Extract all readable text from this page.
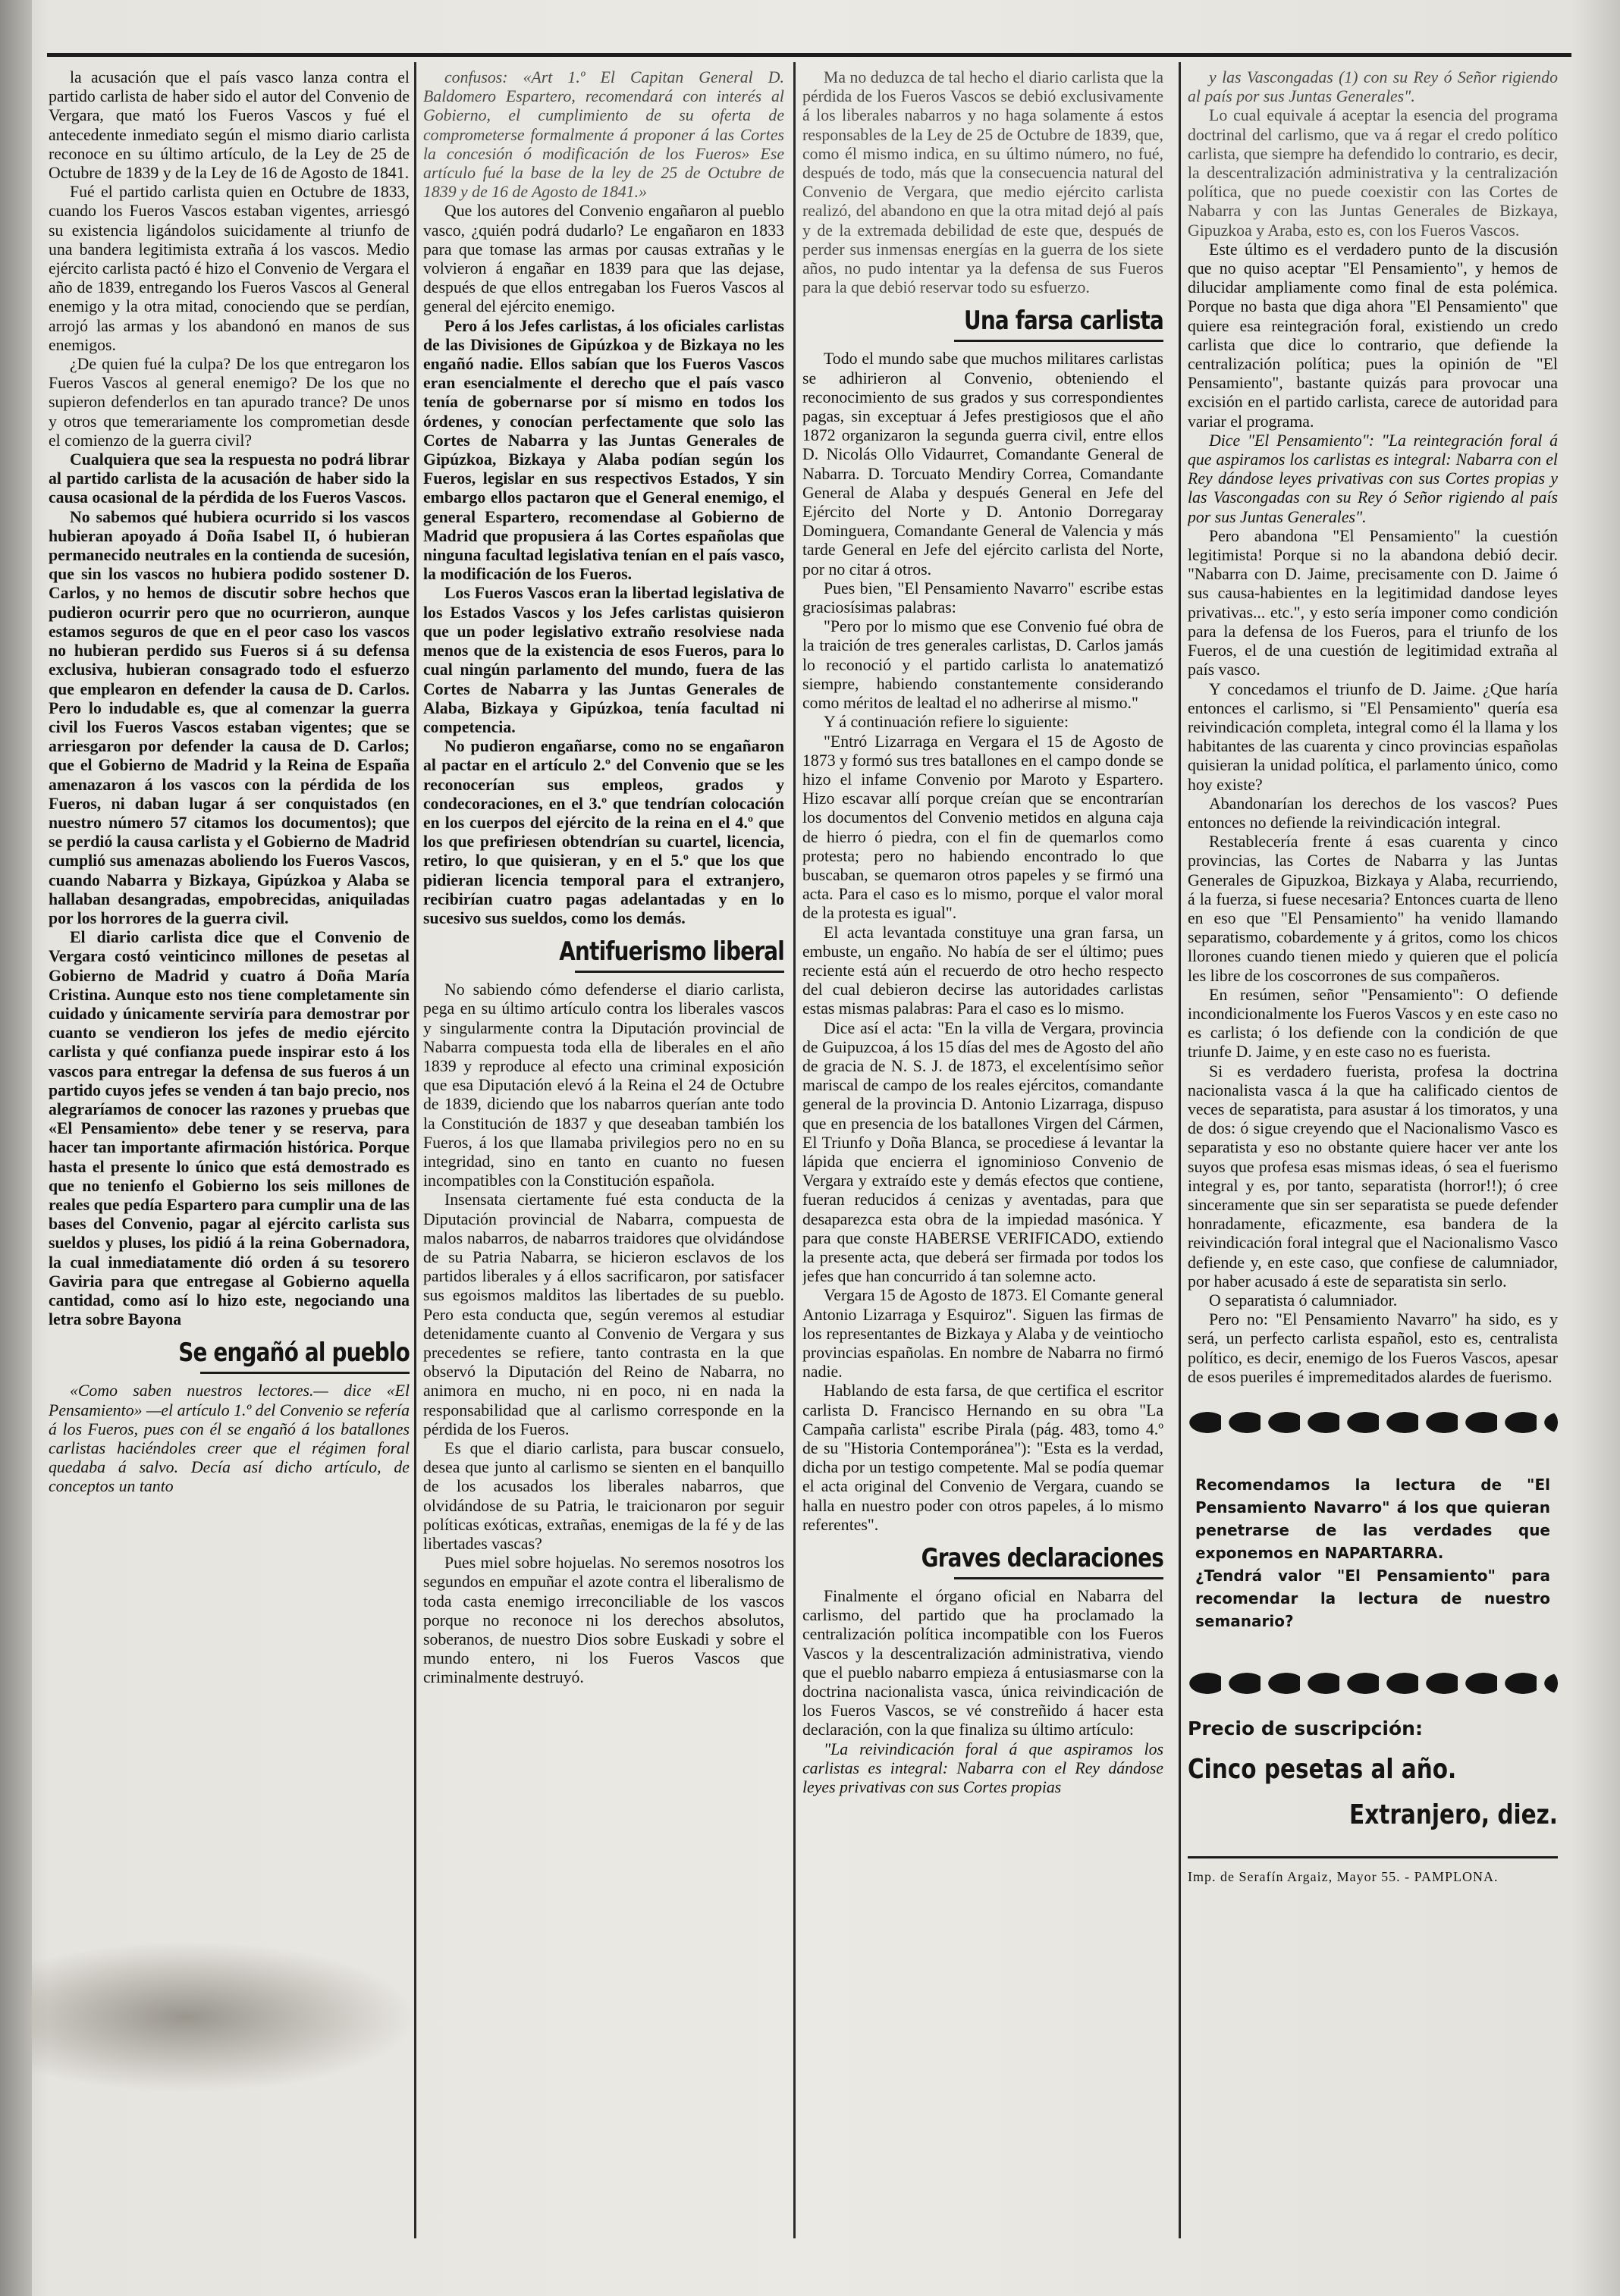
la acusación que el país vasco lanza contra el partido carlista de haber sido el autor del Convenio de Vergara, que mató los Fueros Vascos y fué el antecedente inmediato según el mismo diario carlista reconoce en su último artículo, de la Ley de 25 de Octubre de 1839 y de la Ley de 16 de Agosto de 1841.

Fué el partido carlista quien en Octubre de 1833, cuando los Fueros Vascos estaban vigentes, arriesgó su existencia ligándolos suicidamente al triunfo de una bandera legitimista extraña á los vascos. Medio ejército carlista pactó é hizo el Convenio de Vergara el año de 1839, entregando los Fueros Vascos al General enemigo y la otra mitad, conociendo que se perdían, arrojó las armas y los abandonó en manos de sus enemigos.

¿De quien fué la culpa? De los que entregaron los Fueros Vascos al general enemigo? De los que no supieron defenderlos en tan apurado trance? De unos y otros que temerariamente los comprometian desde el comienzo de la guerra civil?

Cualquiera que sea la respuesta no podrá librar al partido carlista de la acusación de haber sido la causa ocasional de la pérdida de los Fueros Vascos.

No sabemos qué hubiera ocurrido si los vascos hubieran apoyado á Doña Isabel II, ó hubieran permanecido neutrales en la contienda de sucesión, que sin los vascos no hubiera podido sostener D. Carlos, y no hemos de discutir sobre hechos que pudieron ocurrir pero que no ocurrieron, aunque estamos seguros de que en el peor caso los vascos no hubieran perdido sus Fueros si á su defensa exclusiva, hubieran consagrado todo el esfuerzo que emplearon en defender la causa de D. Carlos. Pero lo indudable es, que al comenzar la guerra civil los Fueros Vascos estaban vigentes; que se arriesgaron por defender la causa de D. Carlos; que el Gobierno de Madrid y la Reina de España amenazaron á los vascos con la pérdida de los Fueros, ni daban lugar á ser conquistados (en nuestro número 57 citamos los documentos); que se perdió la causa carlista y el Gobierno de Madrid cumplió sus amenazas aboliendo los Fueros Vascos, cuando Nabarra y Bizkaya, Gipúzkoa y Alaba se hallaban desangradas, empobrecidas, aniquiladas por los horrores de la guerra civil.

El diario carlista dice que el Convenio de Vergara costó veinticinco millones de pesetas al Gobierno de Madrid y cuatro á Doña María Cristina. Aunque esto nos tiene completamente sin cuidado y únicamente serviría para demostrar por cuanto se vendieron los jefes de medio ejército carlista y qué confianza puede inspirar esto á los vascos para entregar la defensa de sus fueros á un partido cuyos jefes se venden á tan bajo precio, nos alegraríamos de conocer las razones y pruebas que «El Pensamiento» debe tener y se reserva, para hacer tan importante afirmación histórica. Porque hasta el presente lo único que está demostrado es que no tenienfo el Gobierno los seis millones de reales que pedía Espartero para cumplir una de las bases del Convenio, pagar al ejército carlista sus sueldos y pluses, los pidió á la reina Gobernadora, la cual inmediatamente dió orden á su tesorero Gaviria para que entregase al Gobierno aquella cantidad, como así lo hizo este, negociando una letra sobre Bayona

Se engañó al pueblo

«Como saben nuestros lectores.— dice «El Pensamiento» —el artículo 1.º del Convenio se refería á los Fueros, pues con él se engañó á los batallones carlistas haciéndoles creer que el régimen foral quedaba á salvo. Decía así dicho artículo, de conceptos un tanto

confusos: «Art 1.º El Capitan General D. Baldomero Espartero, recomendará con interés al Gobierno, el cumplimiento de su oferta de comprometerse formalmente á proponer á las Cortes la concesión ó modificación de los Fueros» Ese artículo fué la base de la ley de 25 de Octubre de 1839 y de 16 de Agosto de 1841.»

Que los autores del Convenio engañaron al pueblo vasco, ¿quién podrá dudarlo? Le engañaron en 1833 para que tomase las armas por causas extrañas y le volvieron á engañar en 1839 para que las dejase, después de que ellos entregaban los Fueros Vascos al general del ejército enemigo.

Pero á los Jefes carlistas, á los oficiales carlistas de las Divisiones de Gipúzkoa y de Bizkaya no les engañó nadie. Ellos sabían que los Fueros Vascos eran esencialmente el derecho que el país vasco tenía de gobernarse por sí mismo en todos los órdenes, y conocían perfectamente que solo las Cortes de Nabarra y las Juntas Generales de Gipúzkoa, Bizkaya y Alaba podían según los Fueros, legislar en sus respectivos Estados, Y sin embargo ellos pactaron que el General enemigo, el general Espartero, recomendase al Gobierno de Madrid que propusiera á las Cortes españolas que ninguna facultad legislativa tenían en el país vasco, la modificación de los Fueros.

Los Fueros Vascos eran la libertad legislativa de los Estados Vascos y los Jefes carlistas quisieron que un poder legislativo extraño resolviese nada menos que de la existencia de esos Fueros, para lo cual ningún parlamento del mundo, fuera de las Cortes de Nabarra y las Juntas Generales de Alaba, Bizkaya y Gipúzkoa, tenía facultad ni competencia.

No pudieron engañarse, como no se engañaron al pactar en el artículo 2.º del Convenio que se les reconocerían sus empleos, grados y condecoraciones, en el 3.º que tendrían colocación en los cuerpos del ejército de la reina en el 4.º que los que prefiriesen obtendrían su cuartel, licencia, retiro, lo que quisieran, y en el 5.º que los que pidieran licencia temporal para el extranjero, recibirían cuatro pagas adelantadas y en lo sucesivo sus sueldos, como los demás.

Antifuerismo liberal

No sabiendo cómo defenderse el diario carlista, pega en su último artículo contra los liberales vascos y singularmente contra la Diputación provincial de Nabarra compuesta toda ella de liberales en el año 1839 y reproduce al efecto una criminal exposición que esa Diputación elevó á la Reina el 24 de Octubre de 1839, diciendo que los nabarros querían ante todo la Constitución de 1837 y que deseaban también los Fueros, á los que llamaba privilegios pero no en su integridad, sino en tanto en cuanto no fuesen incompatibles con la Constitución española.

Insensata ciertamente fué esta conducta de la Diputación provincial de Nabarra, compuesta de malos nabarros, de nabarros traidores que olvidándose de su Patria Nabarra, se hicieron esclavos de los partidos liberales y á ellos sacrificaron, por satisfacer sus egoismos malditos las libertades de su pueblo. Pero esta conducta que, según veremos al estudiar detenidamente cuanto al Convenio de Vergara y sus precedentes se refiere, tanto contrasta en la que observó la Diputación del Reino de Nabarra, no animora en mucho, ni en poco, ni en nada la responsabilidad que al carlismo corresponde en la pérdida de los Fueros.

Es que el diario carlista, para buscar consuelo, desea que junto al carlismo se sienten en el banquillo de los acusados los liberales nabarros, que olvidándose de su Patria, le traicionaron por seguir políticas exóticas, extrañas, enemigas de la fé y de las libertades vascas?

Pues miel sobre hojuelas. No seremos nosotros los segundos en empuñar el azote contra el liberalismo de toda casta enemigo irreconciliable de los vascos porque no reconoce ni los derechos absolutos, soberanos, de nuestro Dios sobre Euskadi y sobre el mundo entero, ni los Fueros Vascos que criminalmente destruyó.

Ma no deduzca de tal hecho el diario carlista que la pérdida de los Fueros Vascos se debió exclusivamente á los liberales nabarros y no haga solamente á estos responsables de la Ley de 25 de Octubre de 1839, que, como él mismo indica, en su último número, no fué, después de todo, más que la consecuencia natural del Convenio de Vergara, que medio ejército carlista realizó, del abandono en que la otra mitad dejó al país y de la extremada debilidad de este que, después de perder sus inmensas energías en la guerra de los siete años, no pudo intentar ya la defensa de sus Fueros para la que debió reservar todo su esfuerzo.

Una farsa carlista

Todo el mundo sabe que muchos militares carlistas se adhirieron al Convenio, obteniendo el reconocimiento de sus grados y sus correspondientes pagas, sin exceptuar á Jefes prestigiosos que el año 1872 organizaron la segunda guerra civil, entre ellos D. Nicolás Ollo Vidaurret, Comandante General de Nabarra. D. Torcuato Mendiry Correa, Comandante General de Alaba y después General en Jefe del Ejército del Norte y D. Antonio Dorregaray Dominguera, Comandante General de Valencia y más tarde General en Jefe del ejército carlista del Norte, por no citar á otros.

Pues bien, "El Pensamiento Navarro" escribe estas graciosísimas palabras:

"Pero por lo mismo que ese Convenio fué obra de la traición de tres generales carlistas, D. Carlos jamás lo reconoció y el partido carlista lo anatematizó siempre, habiendo constantemente considerando como méritos de lealtad el no adherirse al mismo."

Y á continuación refiere lo siguiente:

"Entró Lizarraga en Vergara el 15 de Agosto de 1873 y formó sus tres batallones en el campo donde se hizo el infame Convenio por Maroto y Espartero. Hizo escavar allí porque creían que se encontrarían los documentos del Convenio metidos en alguna caja de hierro ó piedra, con el fin de quemarlos como protesta; pero no habiendo encontrado lo que buscaban, se quemaron otros papeles y se firmó una acta. Para el caso es lo mismo, porque el valor moral de la protesta es igual".

El acta levantada constituye una gran farsa, un embuste, un engaño. No había de ser el último; pues reciente está aún el recuerdo de otro hecho respecto del cual debieron decirse las autoridades carlistas estas mismas palabras: Para el caso es lo mismo.

Dice así el acta: "En la villa de Vergara, provincia de Guipuzcoa, á los 15 días del mes de Agosto del año de gracia de N. S. J. de 1873, el excelentísimo señor mariscal de campo de los reales ejércitos, comandante general de la provincia D. Antonio Lizarraga, dispuso que en presencia de los batallones Virgen del Cármen, El Triunfo y Doña Blanca, se procediese á levantar la lápida que encierra el ignominioso Convenio de Vergara y extraído este y demás efectos que contiene, fueran reducidos á cenizas y aventadas, para que desaparezca esta obra de la impiedad masónica. Y para que conste HABERSE VERIFICADO, extiendo la presente acta, que deberá ser firmada por todos los jefes que han concurrido á tan solemne acto.

Vergara 15 de Agosto de 1873. El Comante general Antonio Lizarraga y Esquiroz". Siguen las firmas de los representantes de Bizkaya y Alaba y de veintiocho provincias españolas. En nombre de Nabarra no firmó nadie.

Hablando de esta farsa, de que certifica el escritor carlista D. Francisco Hernando en su obra "La Campaña carlista" escribe Pirala (pág. 483, tomo 4.º de su "Historia Contemporánea"): "Esta es la verdad, dicha por un testigo competente. Mal se podía quemar el acta original del Convenio de Vergara, cuando se halla en nuestro poder con otros papeles, á lo mismo referentes".

Graves declaraciones

Finalmente el órgano oficial en Nabarra del carlismo, del partido que ha proclamado la centralización política incompatible con los Fueros Vascos y la descentralización administrativa, viendo que el pueblo nabarro empieza á entusiasmarse con la doctrina nacionalista vasca, única reivindicación de los Fueros Vascos, se vé constreñido á hacer esta declaración, con la que finaliza su último artículo:

"La reivindicación foral á que aspiramos los carlistas es integral: Nabarra con el Rey dándose leyes privativas con sus Cortes propias

y las Vascongadas (1) con su Rey ó Señor rigiendo al país por sus Juntas Generales".

Lo cual equivale á aceptar la esencia del programa doctrinal del carlismo, que va á regar el credo político carlista, que siempre ha defendido lo contrario, es decir, la descentralización administrativa y la centralización política, que no puede coexistir con las Cortes de Nabarra y con las Juntas Generales de Bizkaya, Gipuzkoa y Araba, esto es, con los Fueros Vascos.

Este último es el verdadero punto de la discusión que no quiso aceptar "El Pensamiento", y hemos de dilucidar ampliamente como final de esta polémica. Porque no basta que diga ahora "El Pensamiento" que quiere esa reintegración foral, existiendo un credo carlista que dice lo contrario, que defiende la centralización política; pues la opinión de "El Pensamiento", bastante quizás para provocar una excisión en el partido carlista, carece de autoridad para variar el programa.

Dice "El Pensamiento": "La reintegración foral á que aspiramos los carlistas es integral: Nabarra con el Rey dándose leyes privativas con sus Cortes propias y las Vascongadas con su Rey ó Señor rigiendo al país por sus Juntas Generales".

Pero abandona "El Pensamiento" la cuestión legitimista! Porque si no la abandona debió decir. "Nabarra con D. Jaime, precisamente con D. Jaime ó sus causa-habientes en la legitimidad dandose leyes privativas... etc.", y esto sería imponer como condición para la defensa de los Fueros, para el triunfo de los Fueros, el de una cuestión de legitimidad extraña al país vasco.

Y concedamos el triunfo de D. Jaime. ¿Que haría entonces el carlismo, si "El Pensamiento" quería esa reivindicación completa, integral como él la llama y los habitantes de las cuarenta y cinco provincias españolas quisieran la unidad política, el parlamento único, como hoy existe?

Abandonarían los derechos de los vascos? Pues entonces no defiende la reivindicación integral.

Restablecería frente á esas cuarenta y cinco provincias, las Cortes de Nabarra y las Juntas Generales de Gipuzkoa, Bizkaya y Alaba, recurriendo, á la fuerza, si fuese necesaria? Entonces cuarta de lleno en eso que "El Pensamiento" ha venido llamando separatismo, cobardemente y á gritos, como los chicos llorones cuando tienen miedo y quieren que el policía les libre de los coscorrones de sus compañeros.

En resúmen, señor "Pensamiento": O defiende incondicionalmente los Fueros Vascos y en este caso no es carlista; ó los defiende con la condición de que triunfe D. Jaime, y en este caso no es fuerista.

Si es verdadero fuerista, profesa la doctrina nacionalista vasca á la que ha calificado cientos de veces de separatista, para asustar á los timoratos, y una de dos: ó sigue creyendo que el Nacionalismo Vasco es separatista y eso no obstante quiere hacer ver ante los suyos que profesa esas mismas ideas, ó sea el fuerismo integral y es, por tanto, separatista (horror!!); ó cree sinceramente que sin ser separatista se puede defender honradamente, eficazmente, esa bandera de la reivindicación foral integral que el Nacionalismo Vasco defiende y, en este caso, que confiese de calumniador, por haber acusado á este de separatista sin serlo.

O separatista ó calumniador.

Pero no: "El Pensamiento Navarro" ha sido, es y será, un perfecto carlista español, esto es, centralista político, es decir, enemigo de los Fueros Vascos, apesar de esos pueriles é impremeditados alardes de fuerismo.

Recomendamos la lectura de "El Pensamiento Navarro" á los que quieran penetrarse de las verdades que exponemos en NAPARTARRA.
¿Tendrá valor "El Pensamiento" para recomendar la lectura de nuestro semanario?
Precio de suscripción:
Cinco pesetas al año.
Extranjero, diez.
Imp. de Serafín Argaiz, Mayor 55. - PAMPLONA.
